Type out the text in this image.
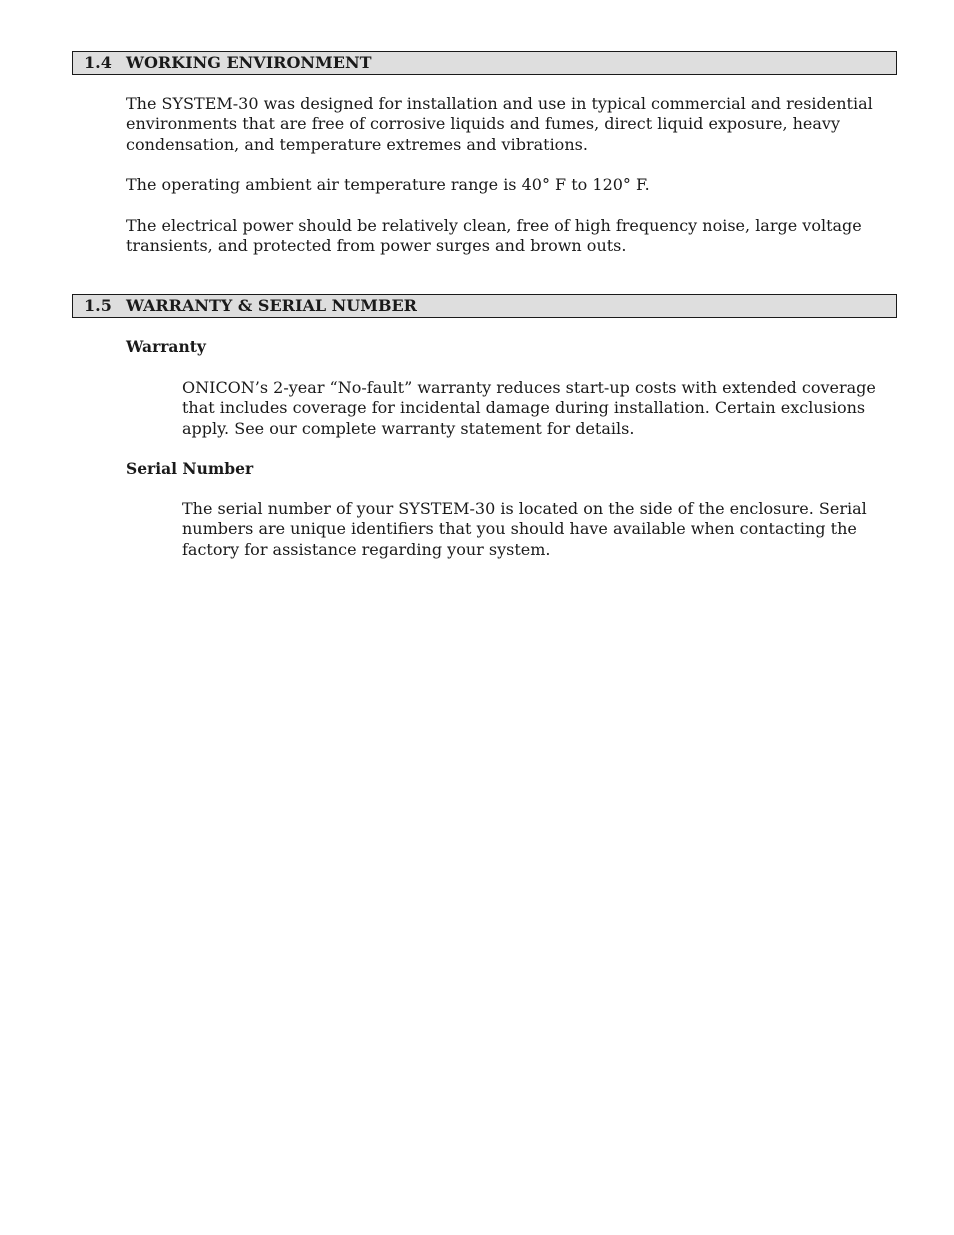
1.4 WORKING ENVIRONMENT

The SYSTEM-30 was designed for installation and use in typical commercial and residential environments that are free of corrosive liquids and fumes, direct liquid exposure, heavy condensation, and temperature extremes and vibrations.

The operating ambient air temperature range is 40° F to 120° F.

The electrical power should be relatively clean, free of high frequency noise, large voltage transients, and protected from power surges and brown outs.

1.5 WARRANTY & SERIAL NUMBER
Warranty

ONICON’s 2-year “No-fault” warranty reduces start-up costs with extended coverage that includes coverage for incidental damage during installation. Certain exclusions apply. See our complete warranty statement for details.

Serial Number

The serial number of your SYSTEM-30 is located on the side of the enclosure. Serial numbers are unique identifiers that you should have available when contacting the factory for assistance regarding your system.
